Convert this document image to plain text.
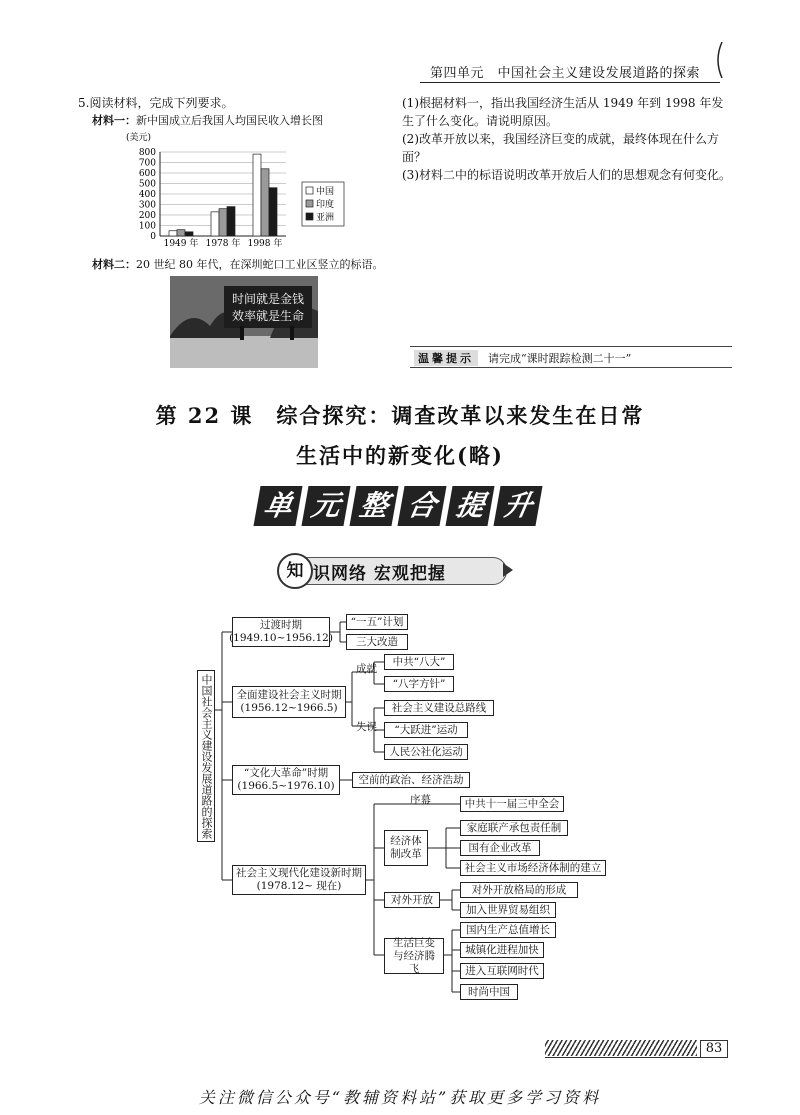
第四单元　中国社会主义建设发展道路的探索
5.阅读材料，完成下列要求。
材料一：新中国成立后我国人均国民收入增长图
(美元)
800
700
600
500
400
300
200
100
0
1949 年 1978 年 1998 年
中国
印度
亚洲
材料二：20 世纪 80 年代，在深圳蛇口工业区竖立的标语。
时间就是金钱
效率就是生命
(1)根据材料一，指出我国经济生活从 1949 年到 1998 年发生了什么变化。请说明原因。
(2)改革开放以来，我国经济巨变的成就，最终体现在什么方面？
(3)材料二中的标语说明改革开放后人们的思想观念有何变化。
温馨提示	请完成“课时跟踪检测二十一”
第 22 课　综合探究：调查改革以来发生在日常
生活中的新变化(略)
单 元 整 合 提 升
知 识网络 宏观把握
中国社会主义建设发展道路的探索
过渡时期
(1949.10~1956.12)
“一五”计划
三大改造
全面建设社会主义时期
(1956.12~1966.5)
成就
中共“八大”
“八字方针”
失误
社会主义建设总路线
“大跃进”运动
人民公社化运动
“文化大革命”时期
(1966.5~1976.10)
空前的政治、经济浩劫
社会主义现代化建设新时期
(1978.12~ 现在)
序幕	中共十一届三中全会
经济体制改革
家庭联产承包责任制
国有企业改革
社会主义市场经济体制的建立
对外开放
对外开放格局的形成
加入世界贸易组织
生活巨变与经济腾飞
国内生产总值增长
城镇化进程加快
进入互联网时代
时尚中国
83
关注微信公众号“教辅资料站”获取更多学习资料
